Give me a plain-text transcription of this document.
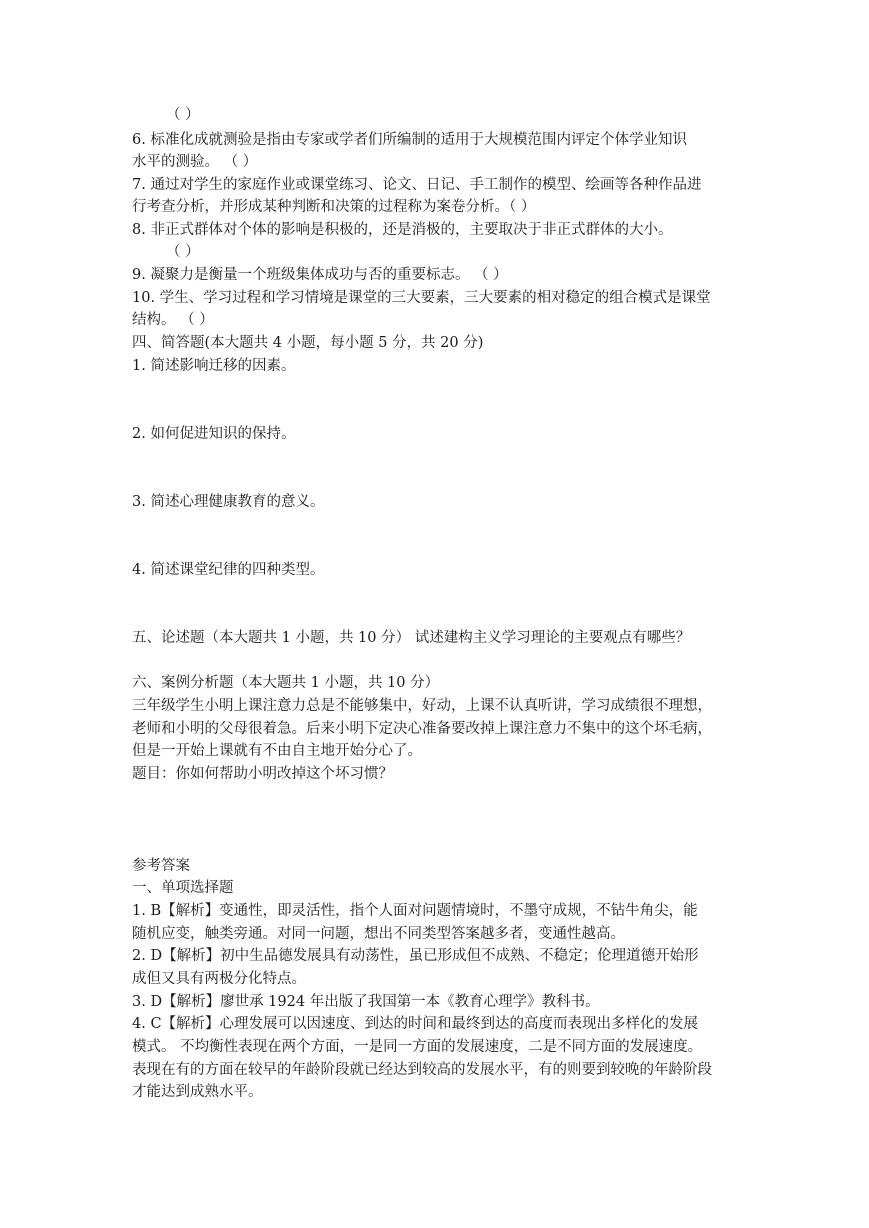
（ ）
6. 标准化成就测验是指由专家或学者们所编制的适用于大规模范围内评定个体学业知识
水平的测验。 （ ）
7. 通过对学生的家庭作业或课堂练习、论文、日记、手工制作的模型、绘画等各种作品进
行考查分析，并形成某种判断和决策的过程称为案卷分析。（ ）
8. 非正式群体对个体的影响是积极的，还是消极的，主要取决于非正式群体的大小。
（ ）
9. 凝聚力是衡量一个班级集体成功与否的重要标志。 （ ）
10. 学生、学习过程和学习情境是课堂的三大要素，三大要素的相对稳定的组合模式是课堂
结构。 （ ）
四、简答题(本大题共 4 小题，每小题 5 分，共 20 分)
1. 简述影响迁移的因素。
2. 如何促进知识的保持。
3. 简述心理健康教育的意义。
4. 简述课堂纪律的四种类型。
五、论述题（本大题共 1 小题，共 10 分） 试述建构主义学习理论的主要观点有哪些？
六、案例分析题（本大题共 1 小题，共 10 分）
三年级学生小明上课注意力总是不能够集中，好动，上课不认真听讲，学习成绩很不理想，
老师和小明的父母很着急。后来小明下定决心准备要改掉上课注意力不集中的这个坏毛病，
但是一开始上课就有不由自主地开始分心了。
题目：你如何帮助小明改掉这个坏习惯？
参考答案
一、单项选择题
1. B【解析】变通性，即灵活性，指个人面对问题情境时，不墨守成规，不钻牛角尖，能
随机应变，触类旁通。对同一问题，想出不同类型答案越多者，变通性越高。
2. D【解析】初中生品德发展具有动荡性，虽已形成但不成熟、不稳定；伦理道德开始形
成但又具有两极分化特点。
3. D【解析】廖世承 1924 年出版了我国第一本《教育心理学》教科书。
4. C【解析】心理发展可以因速度、到达的时间和最终到达的高度而表现出多样化的发展
模式。 不均衡性表现在两个方面，一是同一方面的发展速度，二是不同方面的发展速度。
表现在有的方面在较早的年龄阶段就已经达到较高的发展水平，有的则要到较晚的年龄阶段
才能达到成熟水平。
